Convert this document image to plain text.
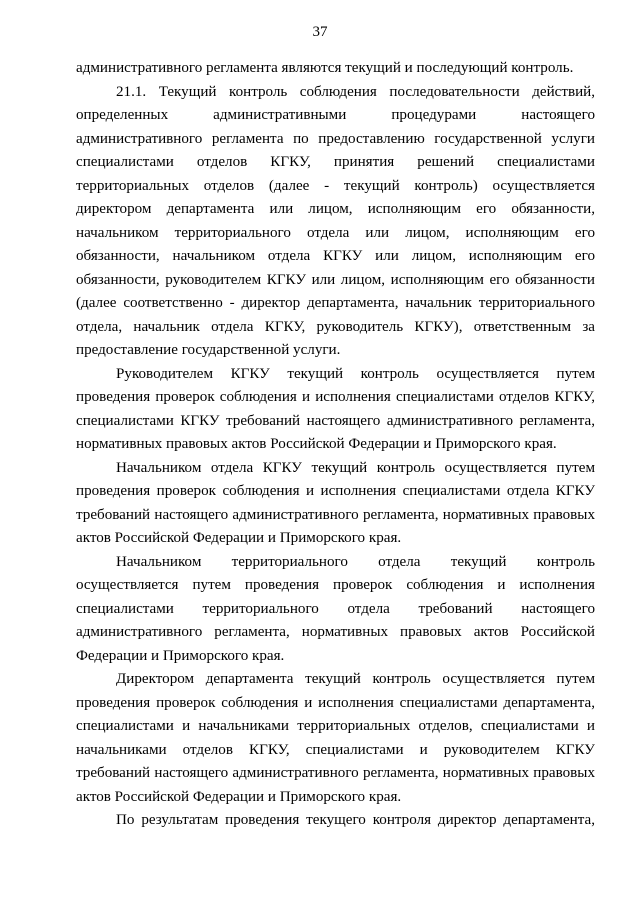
37
административного регламента являются текущий и последующий контроль.
21.1. Текущий контроль соблюдения последовательности действий,
определенных административными процедурами настоящего
административного регламента по предоставлению государственной услуги
специалистами отделов КГКУ, принятия решений специалистами
территориальных отделов (далее - текущий контроль) осуществляется
директором департамента или лицом, исполняющим его обязанности,
начальником территориального отдела или лицом, исполняющим его
обязанности, начальником отдела КГКУ или лицом, исполняющим его
обязанности, руководителем КГКУ или лицом, исполняющим его обязанности
(далее соответственно - директор департамента, начальник территориального
отдела, начальник отдела КГКУ, руководитель КГКУ), ответственным за
предоставление государственной услуги.
Руководителем КГКУ текущий контроль осуществляется путем
проведения проверок соблюдения и исполнения специалистами отделов КГКУ,
специалистами КГКУ требований настоящего административного регламента,
нормативных правовых актов Российской Федерации и Приморского края.
Начальником отдела КГКУ текущий контроль осуществляется путем
проведения проверок соблюдения и исполнения специалистами отдела КГКУ
требований настоящего административного регламента, нормативных правовых
актов Российской Федерации и Приморского края.
Начальником территориального отдела текущий контроль
осуществляется путем проведения проверок соблюдения и исполнения
специалистами территориального отдела требований настоящего
административного регламента, нормативных правовых актов Российской
Федерации и Приморского края.
Директором департамента текущий контроль осуществляется путем
проведения проверок соблюдения и исполнения специалистами департамента,
специалистами и начальниками территориальных отделов, специалистами и
начальниками отделов КГКУ, специалистами и руководителем КГКУ
требований настоящего административного регламента, нормативных правовых
актов Российской Федерации и Приморского края.
По результатам проведения текущего контроля директор департамента,
